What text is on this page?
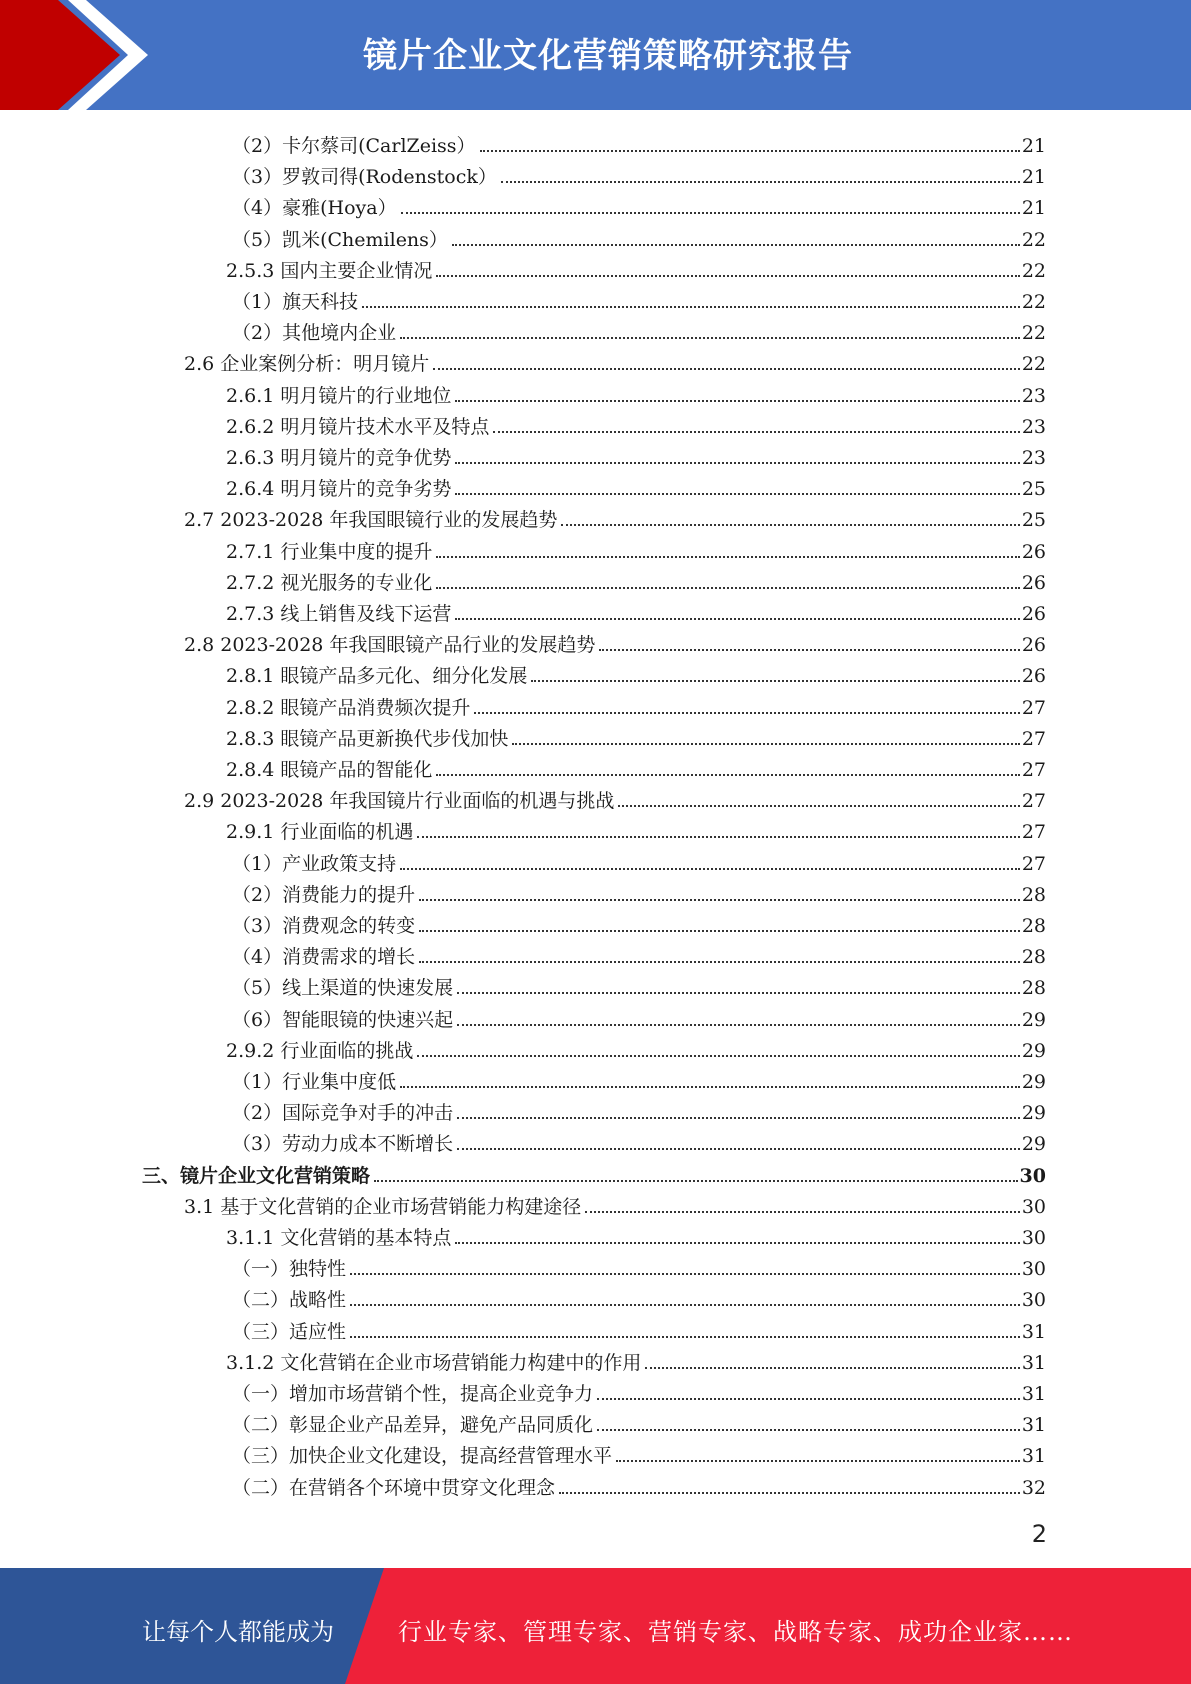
镜片企业文化营销策略研究报告
（2）卡尔蔡司(CarlZeiss）	21
（3）罗敦司得(Rodenstock）	21
（4）豪雅(Hoya）	21
（5）凯米(Chemilens）	22
2.5.3 国内主要企业情况	22
（1）旗天科技	22
（2）其他境内企业	22
2.6 企业案例分析：明月镜片	22
2.6.1 明月镜片的行业地位	23
2.6.2 明月镜片技术水平及特点	23
2.6.3 明月镜片的竞争优势	23
2.6.4 明月镜片的竞争劣势	25
2.7 2023-2028 年我国眼镜行业的发展趋势	25
2.7.1 行业集中度的提升	26
2.7.2 视光服务的专业化	26
2.7.3 线上销售及线下运营	26
2.8 2023-2028 年我国眼镜产品行业的发展趋势	26
2.8.1 眼镜产品多元化、细分化发展	26
2.8.2 眼镜产品消费频次提升	27
2.8.3 眼镜产品更新换代步伐加快	27
2.8.4 眼镜产品的智能化	27
2.9 2023-2028 年我国镜片行业面临的机遇与挑战	27
2.9.1 行业面临的机遇	27
（1）产业政策支持	27
（2）消费能力的提升	28
（3）消费观念的转变	28
（4）消费需求的增长	28
（5）线上渠道的快速发展	28
（6）智能眼镜的快速兴起	29
2.9.2 行业面临的挑战	29
（1）行业集中度低	29
（2）国际竞争对手的冲击	29
（3）劳动力成本不断增长	29
三、镜片企业文化营销策略	30
3.1 基于文化营销的企业市场营销能力构建途径	30
3.1.1 文化营销的基本特点	30
（一）独特性	30
（二）战略性	30
（三）适应性	31
3.1.2 文化营销在企业市场营销能力构建中的作用	31
（一）增加市场营销个性，提高企业竞争力	31
（二）彰显企业产品差异，避免产品同质化	31
（三）加快企业文化建设，提高经营管理水平	31
（二）在营销各个环境中贯穿文化理念	32
2
让每个人都能成为	行业专家、管理专家、营销专家、战略专家、成功企业家……
